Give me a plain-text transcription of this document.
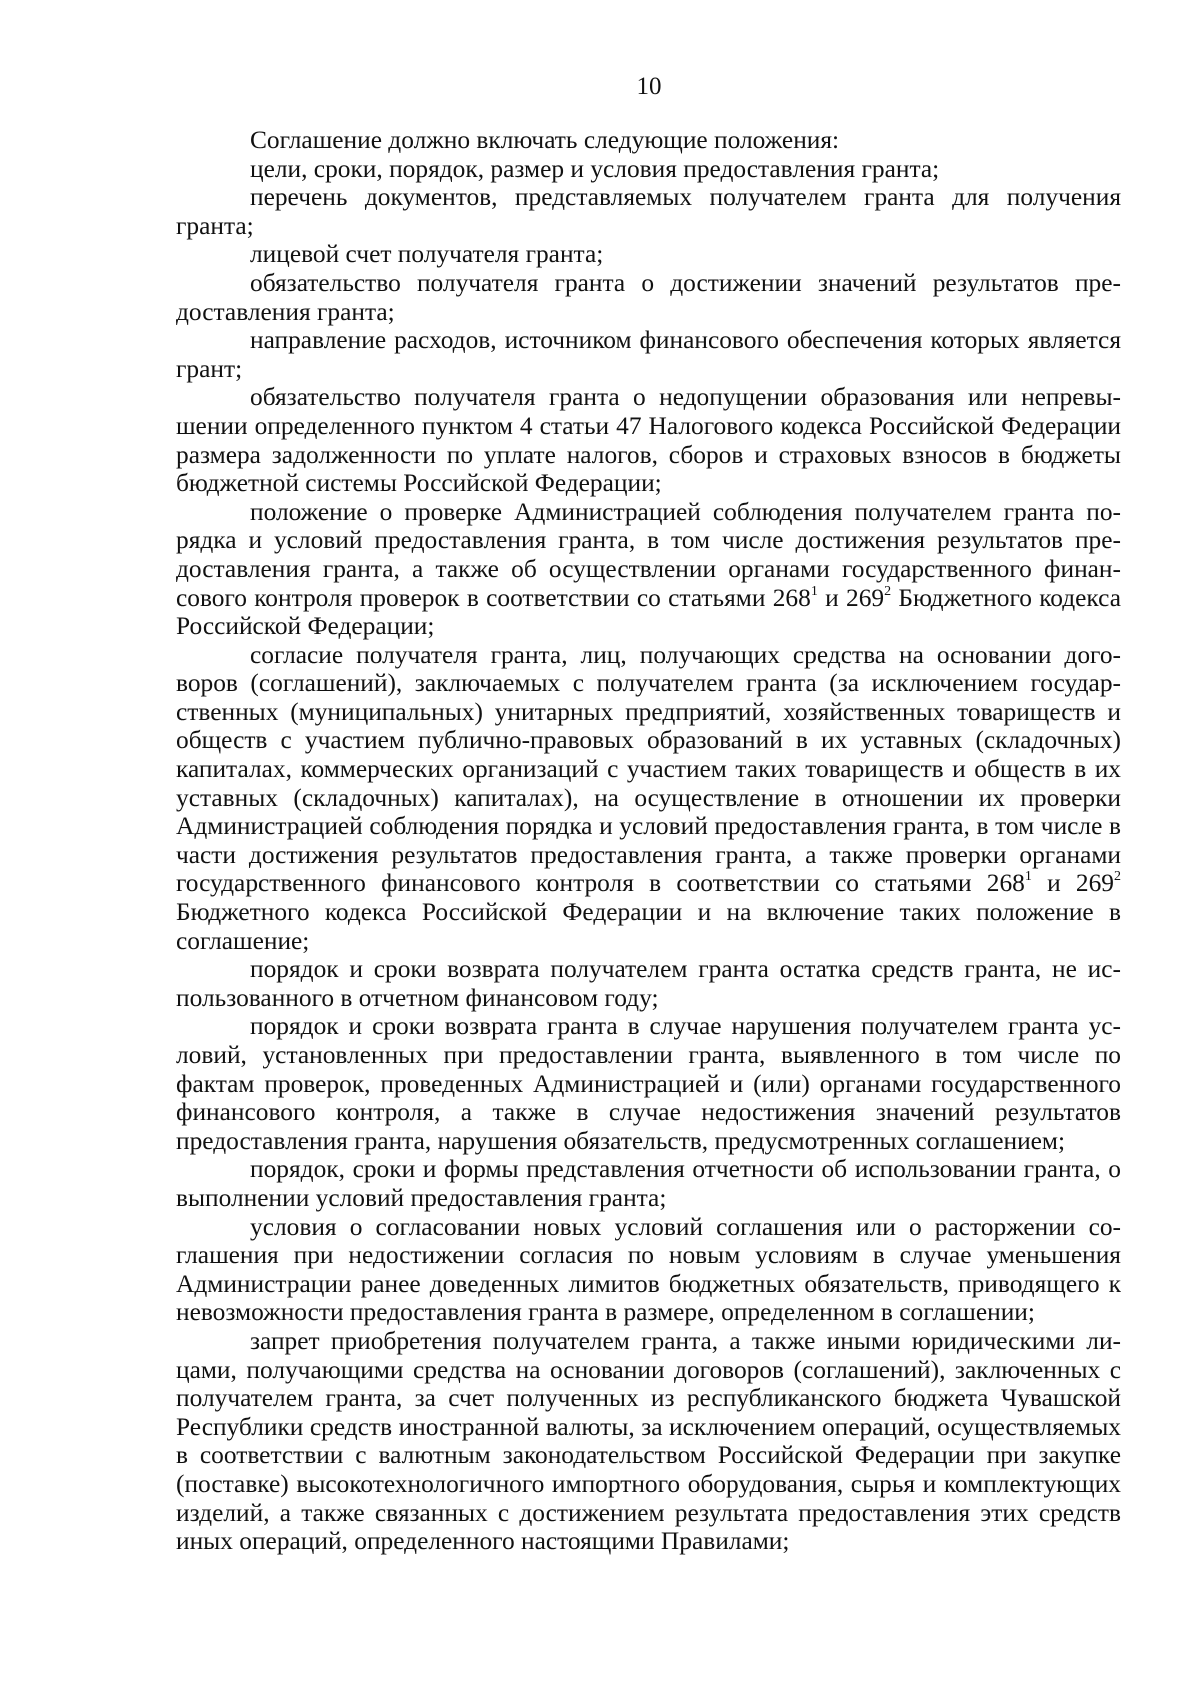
10

Соглашение должно включать следующие положения:

цели, сроки, порядок, размер и условия предоставления гранта;

перечень документов, представляемых получателем гранта для получения гранта;

лицевой счет получателя гранта;

обязательство получателя гранта о достижении значений результатов предоставления гранта;

направление расходов, источником финансового обеспечения которых является грант;

обязательство получателя гранта о недопущении образования или непревышении определенного пунктом 4 статьи 47 Налогового кодекса Российской Федерации размера задолженности по уплате налогов, сборов и страховых взносов в бюджеты бюджетной системы Российской Федерации;

положение о проверке Администрацией соблюдения получателем гранта порядка и условий предоставления гранта, в том числе достижения результатов предоставления гранта, а также об осуществлении органами государственного финансового контроля проверок в соответствии со статьями $268^1$ и $269^2$ Бюджетного кодекса Российской Федерации;

согласие получателя гранта, лиц, получающих средства на основании договоров (соглашений), заключаемых с получателем гранта (за исключением государственных (муниципальных) унитарных предприятий, хозяйственных товариществ и обществ с участием публично-правовых образований в их уставных (складочных) капиталах, коммерческих организаций с участием таких товариществ и обществ в их уставных (складочных) капиталах), на осуществление в отношении их проверки Администрацией соблюдения порядка и условий предоставления гранта, в том числе в части достижения результатов предоставления гранта, а также проверки органами государственного финансового контроля в соответствии со статьями $268^1$ и $269^2$ Бюджетного кодекса Российской Федерации и на включение таких положение в соглашение;

порядок и сроки возврата получателем гранта остатка средств гранта, не использованного в отчетном финансовом году;

порядок и сроки возврата гранта в случае нарушения получателем гранта условий, установленных при предоставлении гранта, выявленного в том числе по фактам проверок, проведенных Администрацией и (или) органами государственного финансового контроля, а также в случае недостижения значений результатов предоставления гранта, нарушения обязательств, предусмотренных соглашением;

порядок, сроки и формы представления отчетности об использовании гранта, о выполнении условий предоставления гранта;

условия о согласовании новых условий соглашения или о расторжении соглашения при недостижении согласия по новым условиям в случае уменьшения Администрации ранее доведенных лимитов бюджетных обязательств, приводящего к невозможности предоставления гранта в размере, определенном в соглашении;

запрет приобретения получателем гранта, а также иными юридическими лицами, получающими средства на основании договоров (соглашений), заключенных с получателем гранта, за счет полученных из республиканского бюджета Чувашской Республики средств иностранной валюты, за исключением операций, осуществляемых в соответствии с валютным законодательством Российской Федерации при закупке (поставке) высокотехнологичного импортного оборудования, сырья и комплектующих изделий, а также связанных с достижением результата предоставления этих средств иных операций, определенного настоящими Правилами;
